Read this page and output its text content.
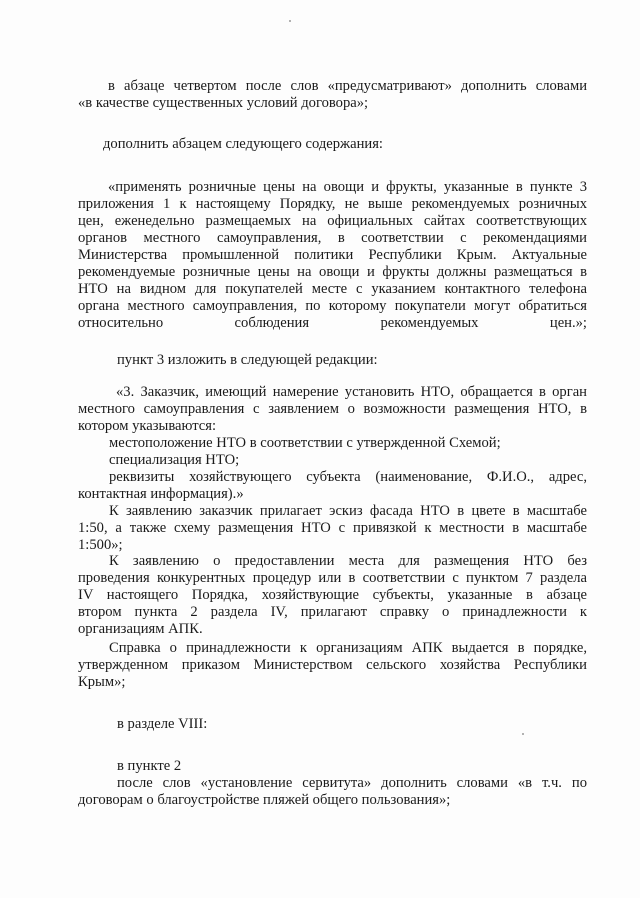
в абзаце четвертом после слов «предусматривают» дополнить словами
«в качестве существенных условий договора»;

дополнить абзацем следующего содержания:

«применять розничные цены на овощи и фрукты, указанные в пункте 3
приложения 1 к настоящему Порядку, не выше рекомендуемых розничных
цен, еженедельно размещаемых на официальных сайтах соответствующих
органов местного самоуправления, в соответствии с рекомендациями
Министерства промышленной политики Республики Крым. Актуальные
рекомендуемые розничные цены на овощи и фрукты должны размещаться в
НТО на видном для покупателей месте с указанием контактного телефона
органа местного самоуправления, по которому покупатели могут обратиться
относительно соблюдения рекомендуемых цен.»;

пункт 3 изложить в следующей редакции:

«3. Заказчик, имеющий намерение установить НТО, обращается в орган
местного самоуправления с заявлением о возможности размещения НТО, в
котором указываются:

местоположение НТО в соответствии с утвержденной Схемой;

специализация НТО;

реквизиты хозяйствующего субъекта (наименование, Ф.И.О., адрес,
контактная информация).»

К заявлению заказчик прилагает эскиз фасада НТО в цвете в масштабе
1:50, а также схему размещения НТО с привязкой к местности в масштабе
1:500»;

К заявлению о предоставлении места для размещения НТО без
проведения конкурентных процедур или в соответствии с пунктом 7 раздела
IV настоящего Порядка, хозяйствующие субъекты, указанные в абзаце
втором пункта 2 раздела IV, прилагают справку о принадлежности к
организациям АПК.

Справка о принадлежности к организациям АПК выдается в порядке,
утвержденном приказом Министерством сельского хозяйства Республики
Крым»;

в разделе VIII:

в пункте 2

после слов «установление сервитута» дополнить словами «в т.ч. по
договорам о благоустройстве пляжей общего пользования»;
